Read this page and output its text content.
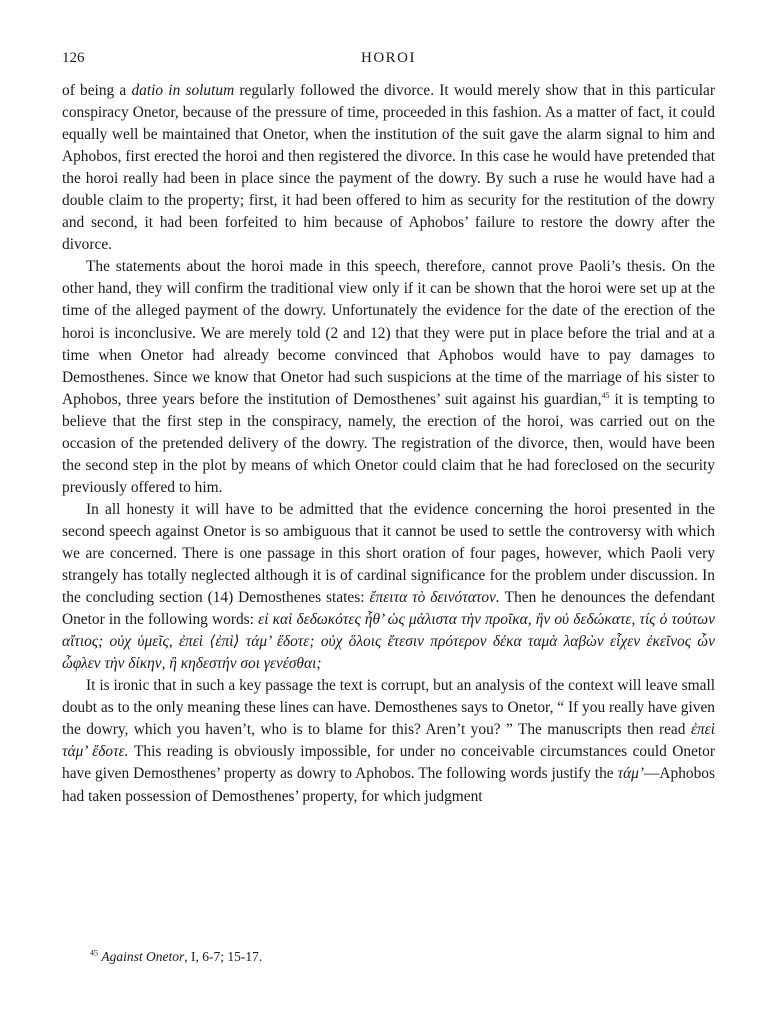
126	HOROI

of being a datio in solutum regularly followed the divorce. It would merely show that in this particular conspiracy Onetor, because of the pressure of time, proceeded in this fashion. As a matter of fact, it could equally well be maintained that Onetor, when the institution of the suit gave the alarm signal to him and Aphobos, first erected the horoi and then registered the divorce. In this case he would have pretended that the horoi really had been in place since the payment of the dowry. By such a ruse he would have had a double claim to the property; first, it had been offered to him as security for the restitution of the dowry and second, it had been forfeited to him because of Aphobos’ failure to restore the dowry after the divorce.

The statements about the horoi made in this speech, therefore, cannot prove Paoli’s thesis. On the other hand, they will confirm the traditional view only if it can be shown that the horoi were set up at the time of the alleged payment of the dowry. Unfortunately the evidence for the date of the erection of the horoi is inconclusive. We are merely told (2 and 12) that they were put in place before the trial and at a time when Onetor had already become convinced that Aphobos would have to pay damages to Demosthenes. Since we know that Onetor had such suspicions at the time of the marriage of his sister to Aphobos, three years before the institution of Demosthenes’ suit against his guardian,$^{45}$ it is tempting to believe that the first step in the conspiracy, namely, the erection of the horoi, was carried out on the occasion of the pretended delivery of the dowry. The registration of the divorce, then, would have been the second step in the plot by means of which Onetor could claim that he had foreclosed on the security previously offered to him.

In all honesty it will have to be admitted that the evidence concerning the horoi presented in the second speech against Onetor is so ambiguous that it cannot be used to settle the controversy with which we are concerned. There is one passage in this short oration of four pages, however, which Paoli very strangely has totally neglected although it is of cardinal significance for the problem under discussion. In the concluding section (14) Demosthenes states: ἔπειτα τὸ δεινότατον. Then he denounces the defendant Onetor in the following words: εἰ καὶ δεδωκότες ἦθ’ ὡς μάλιστα τὴν προῖκα, ἣν οὐ δεδώκατε, τίς ὁ τούτων αἴτιος; οὐχ ὑμεῖς, ἐπεὶ ⟨ἐπὶ⟩ τάμ’ ἔδοτε; οὐχ ὅλοις ἔτεσιν πρότερον δέκα ταμὰ λαβὼν εἶχεν ἐκεῖνος ὧν ὦφλεν τὴν δίκην, ἢ κηδεστήν σοι γενέσθαι;

It is ironic that in such a key passage the text is corrupt, but an analysis of the context will leave small doubt as to the only meaning these lines can have. Demosthenes says to Onetor, “ If you really have given the dowry, which you haven’t, who is to blame for this? Aren’t you? ” The manuscripts then read ἐπεὶ τάμ’ ἔδοτε. This reading is obviously impossible, for under no conceivable circumstances could Onetor have given Demosthenes’ property as dowry to Aphobos. The following words justify the τάμ’—Aphobos had taken possession of Demosthenes’ property, for which judgment

$^{45}$ Against Onetor, I, 6-7; 15-17.
